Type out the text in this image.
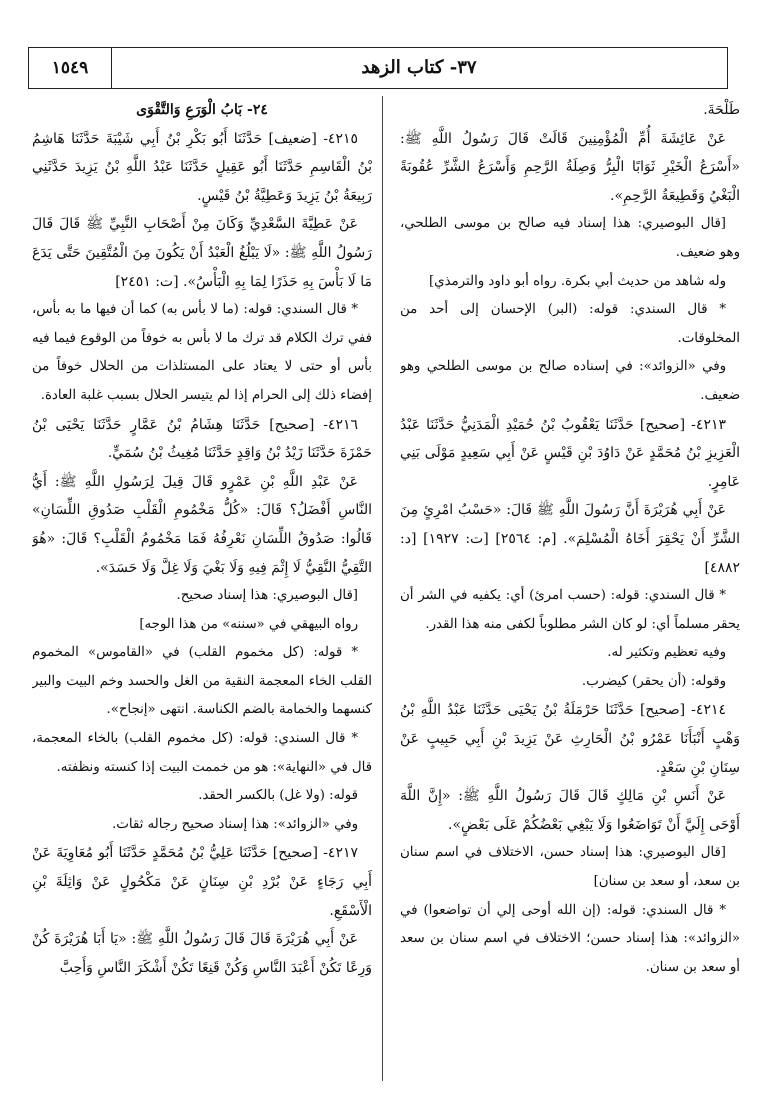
١٥٤٩	٣٧- كتاب الزهد

طَلْحَةَ.

عَنْ عَائِشَةَ أُمِّ الْمُؤْمِنِينَ قَالَتْ قَالَ رَسُولُ اللَّهِ ﷺ: «أَسْرَعُ الْخَيْرِ ثَوَابًا الْبِرُّ وَصِلَةُ الرَّحِمِ وَأَسْرَعُ الشَّرِّ عُقُوبَةً الْبَغْيُ وَقَطِيعَةُ الرَّحِمِ».

[قال البوصيري: هذا إسناد فيه صالح بن موسى الطلحي، وهو ضعيف.

وله شاهد من حديث أبي بكرة. رواه أبو داود والترمذي]

* قال السندي: قوله: (البر) الإحسان إلى أحد من المخلوقات.

وفي «الزوائد»: في إسناده صالح بن موسى الطلحي وهو ضعيف.

٤٢١٣- [صحيح] حَدَّثَنَا يَعْقُوبُ بْنُ حُمَيْدِ الْمَدَنِيُّ حَدَّثَنَا عَبْدُ الْعَزِيزِ بْنُ مُحَمَّدٍ عَنْ دَاوُدَ بْنِ قَيْسٍ عَنْ أَبِي سَعِيدٍ مَوْلَى بَنِي عَامِرٍ.

عَنْ أَبِي هُرَيْرَةَ أَنَّ رَسُولَ اللَّهِ ﷺ قَالَ: «حَسْبُ امْرِئٍ مِنَ الشَّرِّ أَنْ يَحْقِرَ أَخَاهُ الْمُسْلِمَ». [م: ٢٥٦٤] [ت: ١٩٢٧] [د: ٤٨٨٢]

* قال السندي: قوله: (حسب امرئ) أي: يكفيه في الشر أن يحقر مسلماً أي: لو كان الشر مطلوباً لكفى منه هذا القدر.

وفيه تعظيم وتكثير له.

وقوله: (أن يحقر) كيضرب.

٤٢١٤- [صحيح] حَدَّثَنَا حَرْمَلَةُ بْنُ يَحْيَى حَدَّثَنَا عَبْدُ اللَّهِ بْنُ وَهْبٍ أَنْبَأَنَا عَمْرُو بْنُ الْحَارِثِ عَنْ يَزِيدَ بْنِ أَبِي حَبِيبٍ عَنْ سِنَانِ بْنِ سَعْدٍ.

عَنْ أَنَسِ بْنِ مَالِكٍ قَالَ قَالَ رَسُولُ اللَّهِ ﷺ: «إِنَّ اللَّهَ أَوْحَى إِلَيَّ أَنْ تَوَاضَعُوا وَلَا يَبْغِي بَعْضُكُمْ عَلَى بَعْضٍ».

[قال البوصيري: هذا إسناد حسن، الاختلاف في اسم سنان بن سعد، أو سعد بن سنان]

* قال السندي: قوله: (إن الله أوحى إلي أن تواضعوا) في «الزوائد»: هذا إسناد حسن؛ الاختلاف في اسم سنان بن سعد أو سعد بن سنان.

٢٤- بَابُ الْوَرَعِ وَالتَّقْوَى

٤٢١٥- [ضعيف] حَدَّثَنَا أَبُو بَكْرِ بْنُ أَبِي شَيْبَةَ حَدَّثَنَا هَاشِمُ بْنُ الْقَاسِمِ حَدَّثَنَا أَبُو عَقِيلٍ حَدَّثَنَا عَبْدُ اللَّهِ بْنُ يَزِيدَ حَدَّثَنِي رَبِيعَةُ بْنُ يَزِيدَ وَعَطِيَّةُ بْنُ قَيْسٍ.

عَنْ عَطِيَّةَ السَّعْدِيِّ وَكَانَ مِنْ أَصْحَابِ النَّبِيِّ ﷺ قَالَ قَالَ رَسُولُ اللَّهِ ﷺ: «لَا يَبْلُغُ الْعَبْدُ أَنْ يَكُونَ مِنَ الْمُتَّقِينَ حَتَّى يَدَعَ مَا لَا بَأْسَ بِهِ حَذَرًا لِمَا بِهِ الْبَأْسُ». [ت: ٢٤٥١]

* قال السندي: قوله: (ما لا بأس به) كما أن فيها ما به بأس، ففي ترك الكلام قد ترك ما لا بأس به خوفاً من الوقوع فيما فيه بأس أو حتى لا يعتاد على المستلذات من الحلال خوفاً من إفضاء ذلك إلى الحرام إذا لم يتيسر الحلال بسبب غلبة العادة.

٤٢١٦- [صحيح] حَدَّثَنَا هِشَامُ بْنُ عَمَّارٍ حَدَّثَنَا يَحْيَى بْنُ حَمْزَةَ حَدَّثَنَا زَيْدُ بْنُ وَاقِدٍ حَدَّثَنَا مُغِيثُ بْنُ سُمَيٍّ.

عَنْ عَبْدِ اللَّهِ بْنِ عَمْرٍو قَالَ قِيلَ لِرَسُولِ اللَّهِ ﷺ: أَيُّ النَّاسِ أَفْضَلُ؟ قَالَ: «كُلُّ مَخْمُومِ الْقَلْبِ صَدُوقِ اللِّسَانِ» قَالُوا: صَدُوقُ اللِّسَانِ نَعْرِفُهُ فَمَا مَخْمُومُ الْقَلْبِ؟ قَالَ: «هُوَ التَّقِيُّ النَّقِيُّ لَا إِثْمَ فِيهِ وَلَا بَغْيَ وَلَا غِلَّ وَلَا حَسَدَ».

[قال البوصيري: هذا إسناد صحيح.

رواه البيهقي في «سننه» من هذا الوجه]

* قوله: (كل مخموم القلب) في «القاموس» المخموم القلب الخاء المعجمة النقية من الغل والحسد وخم البيت والبير كنسهما والخمامة بالضم الكناسة. انتهى «إنجاح».

* قال السندي: قوله: (كل مخموم القلب) بالخاء المعجمة، قال في «النهاية»: هو من خممت البيت إذا كنسته ونظفته.

قوله: (ولا غل) بالكسر الحقد.

وفي «الزوائد»: هذا إسناد صحيح رجاله ثقات.

٤٢١٧- [صحيح] حَدَّثَنَا عَلِيُّ بْنُ مُحَمَّدٍ حَدَّثَنَا أَبُو مُعَاوِيَةَ عَنْ أَبِي رَجَاءٍ عَنْ بُرْدِ بْنِ سِنَانٍ عَنْ مَكْحُولٍ عَنْ وَاثِلَةَ بْنِ الْأَسْقَعِ.

عَنْ أَبِي هُرَيْرَةَ قَالَ قَالَ رَسُولُ اللَّهِ ﷺ: «يَا أَبَا هُرَيْرَةَ كُنْ وَرِعًا تَكُنْ أَعْبَدَ النَّاسِ وَكُنْ قَنِعًا تَكُنْ أَشْكَرَ النَّاسِ وَأَحِبَّ
